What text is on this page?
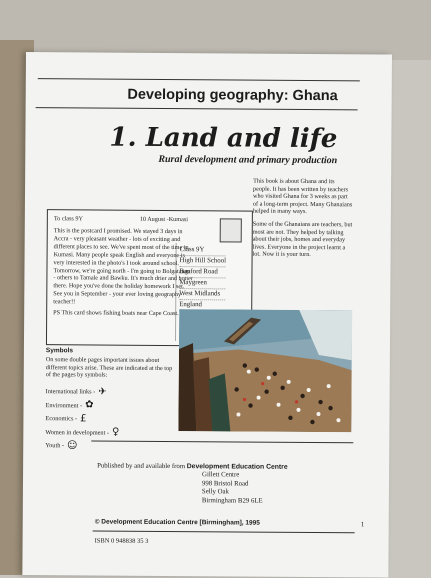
Developing geography: Ghana
1. Land and life
Rural development and primary production

This book is about Ghana and its people. It has been written by teachers who visited Ghana for 3 weeks as part of a long-term project. Many Ghanaians helped in many ways.

Some of the Ghanaians are teachers, but most are not. They helped by talking about their jobs, homes and everyday lives. Everyone in the project learnt a lot. Now it is your turn.

To class 9Y	10 August -Kumasi

This is the postcard I promised. We stayed 3 days in Accra - very pleasant weather - lots of exciting and different places to see. We've spent most of the time in Kumasi. Many people speak English and everyone is very interested in the photo's I took around school. Tomorrow, we're going north - I'm going to Bolgatanga - others to Tamale and Bawku. It's much drier and hotter there. Hope you've done the holiday homework I set. See you in September - your ever loving geography teacher!!

PS This card shows fishing boats near Cape Coast.

Class 9Y
High Hill School
Banford Road
Maygreen
West Midlands
England
Symbols
On some double pages important issues about different topics arise. These are indicated at the top of the pages by symbols:
International links - ✈
Environment - ✿
Economics - £
Women in development - ♀
Youth - ☺
Published by and available from Development Education Centre
Gillett Centre
998 Bristol Road
Selly Oak
Birmingham B29 6LE
© Development Education Centre [Birmingham], 1995	1
ISBN 0 948838 35 3
